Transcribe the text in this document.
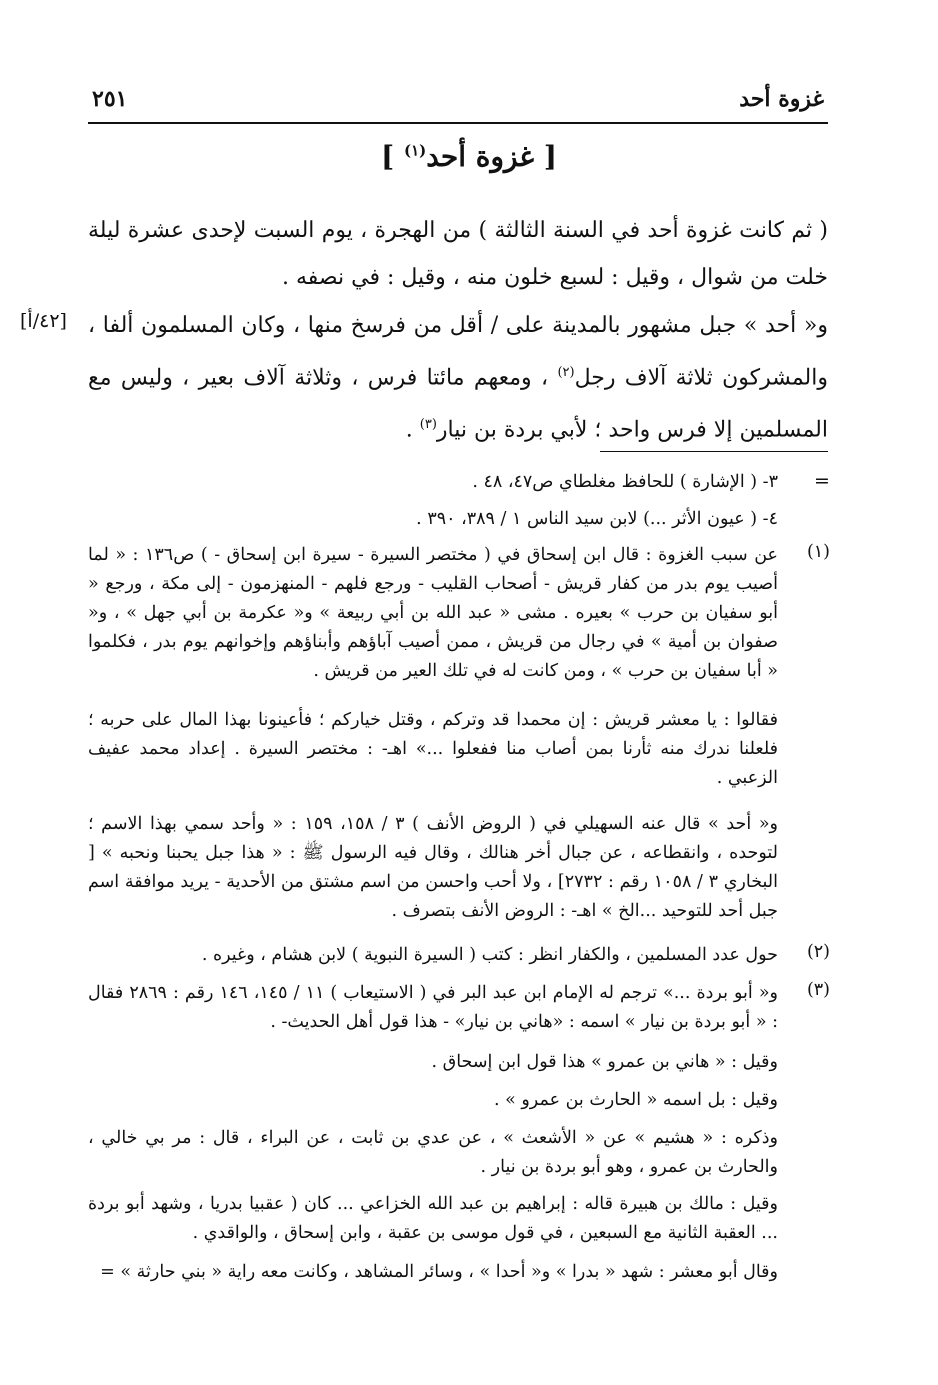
٢٥١	غزوة أحد
[ غزوة أحد$^{(١)}$ ]

( ثم كانت غزوة أحد في السنة الثالثة ) من الهجرة ، يوم السبت لإحدى عشرة ليلة خلت من شوال ، وقيل : لسبع خلون منه ، وقيل : في نصفه .

و« أحد » جبل مشهور بالمدينة على / أقل من فرسخ منها ، وكان المسلمون ألفا ، والمشركون ثلاثة آلاف رجل$^{(٢)}$ ، ومعهم مائتا فرس ، وثلاثة آلاف بعير ، وليس مع المسلمين إلا فرس واحد ؛ لأبي بردة بن نيار$^{(٣)}$ .

[٤٢/أ]
=

٣- ( الإشارة ) للحافظ مغلطاي ص٤٧، ٤٨ .

٤- ( عيون الأثر ...) لابن سيد الناس ١ / ٣٨٩، ٣٩٠ .

(١)

عن سبب الغزوة : قال ابن إسحاق في ( مختصر السيرة - سيرة ابن إسحاق - ) ص١٣٦ : « لما أصيب يوم بدر من كفار قريش - أصحاب القليب - ورجع فلهم - المنهزمون - إلى مكة ، ورجع « أبو سفيان بن حرب » بعيره . مشى « عبد الله بن أبي ربيعة » و« عكرمة بن أبي جهل » ، و« صفوان بن أمية » في رجال من قريش ، ممن أصيب آباؤهم وأبناؤهم وإخوانهم يوم بدر ، فكلموا « أبا سفيان بن حرب » ، ومن كانت له في تلك العير من قريش .

فقالوا : يا معشر قريش : إن محمدا قد وتركم ، وقتل خياركم ؛ فأعينونا بهذا المال على حربه ؛ فلعلنا ندرك منه ثأرنا بمن أصاب منا ففعلوا ...» اهـ- : مختصر السيرة . إعداد محمد عفيف الزعبي .

و« أحد » قال عنه السهيلي في ( الروض الأنف ) ٣ / ١٥٨، ١٥٩ : « وأحد سمي بهذا الاسم ؛ لتوحده ، وانقطاعه ، عن جبال أخر هنالك ، وقال فيه الرسول ﷺ : « هذا جبل يحبنا ونحبه » [ البخاري ٣ / ١٠٥٨ رقم : ٢٧٣٢] ، ولا أحب واحسن من اسم مشتق من الأحدية - يريد موافقة اسم جبل أحد للتوحيد ...الخ » اهـ- : الروض الأنف بتصرف .

(٢)

حول عدد المسلمين ، والكفار انظر : كتب ( السيرة النبوية ) لابن هشام ، وغيره .

(٣)

و« أبو بردة ...» ترجم له الإمام ابن عبد البر في ( الاستيعاب ) ١١ / ١٤٥، ١٤٦ رقم : ٢٨٦٩ فقال : « أبو بردة بن نيار » اسمه : «هاني بن نيار» - هذا قول أهل الحديث- .

وقيل : « هاني بن عمرو » هذا قول ابن إسحاق .

وقيل : بل اسمه « الحارث بن عمرو » .

وذكره : « هشيم » عن « الأشعث » ، عن عدي بن ثابت ، عن البراء ، قال : مر بي خالي ، والحارث بن عمرو ، وهو أبو بردة بن نيار .

وقيل : مالك بن هبيرة قاله : إبراهيم بن عبد الله الخزاعي ... كان ( عقبيا بدريا ، وشهد أبو بردة ... العقبة الثانية مع السبعين ، في قول موسى بن عقبة ، وابن إسحاق ، والواقدي .

وقال أبو معشر : شهد « بدرا » و« أحدا » ، وسائر المشاهد ، وكانت معه راية « بني حارثة » =
